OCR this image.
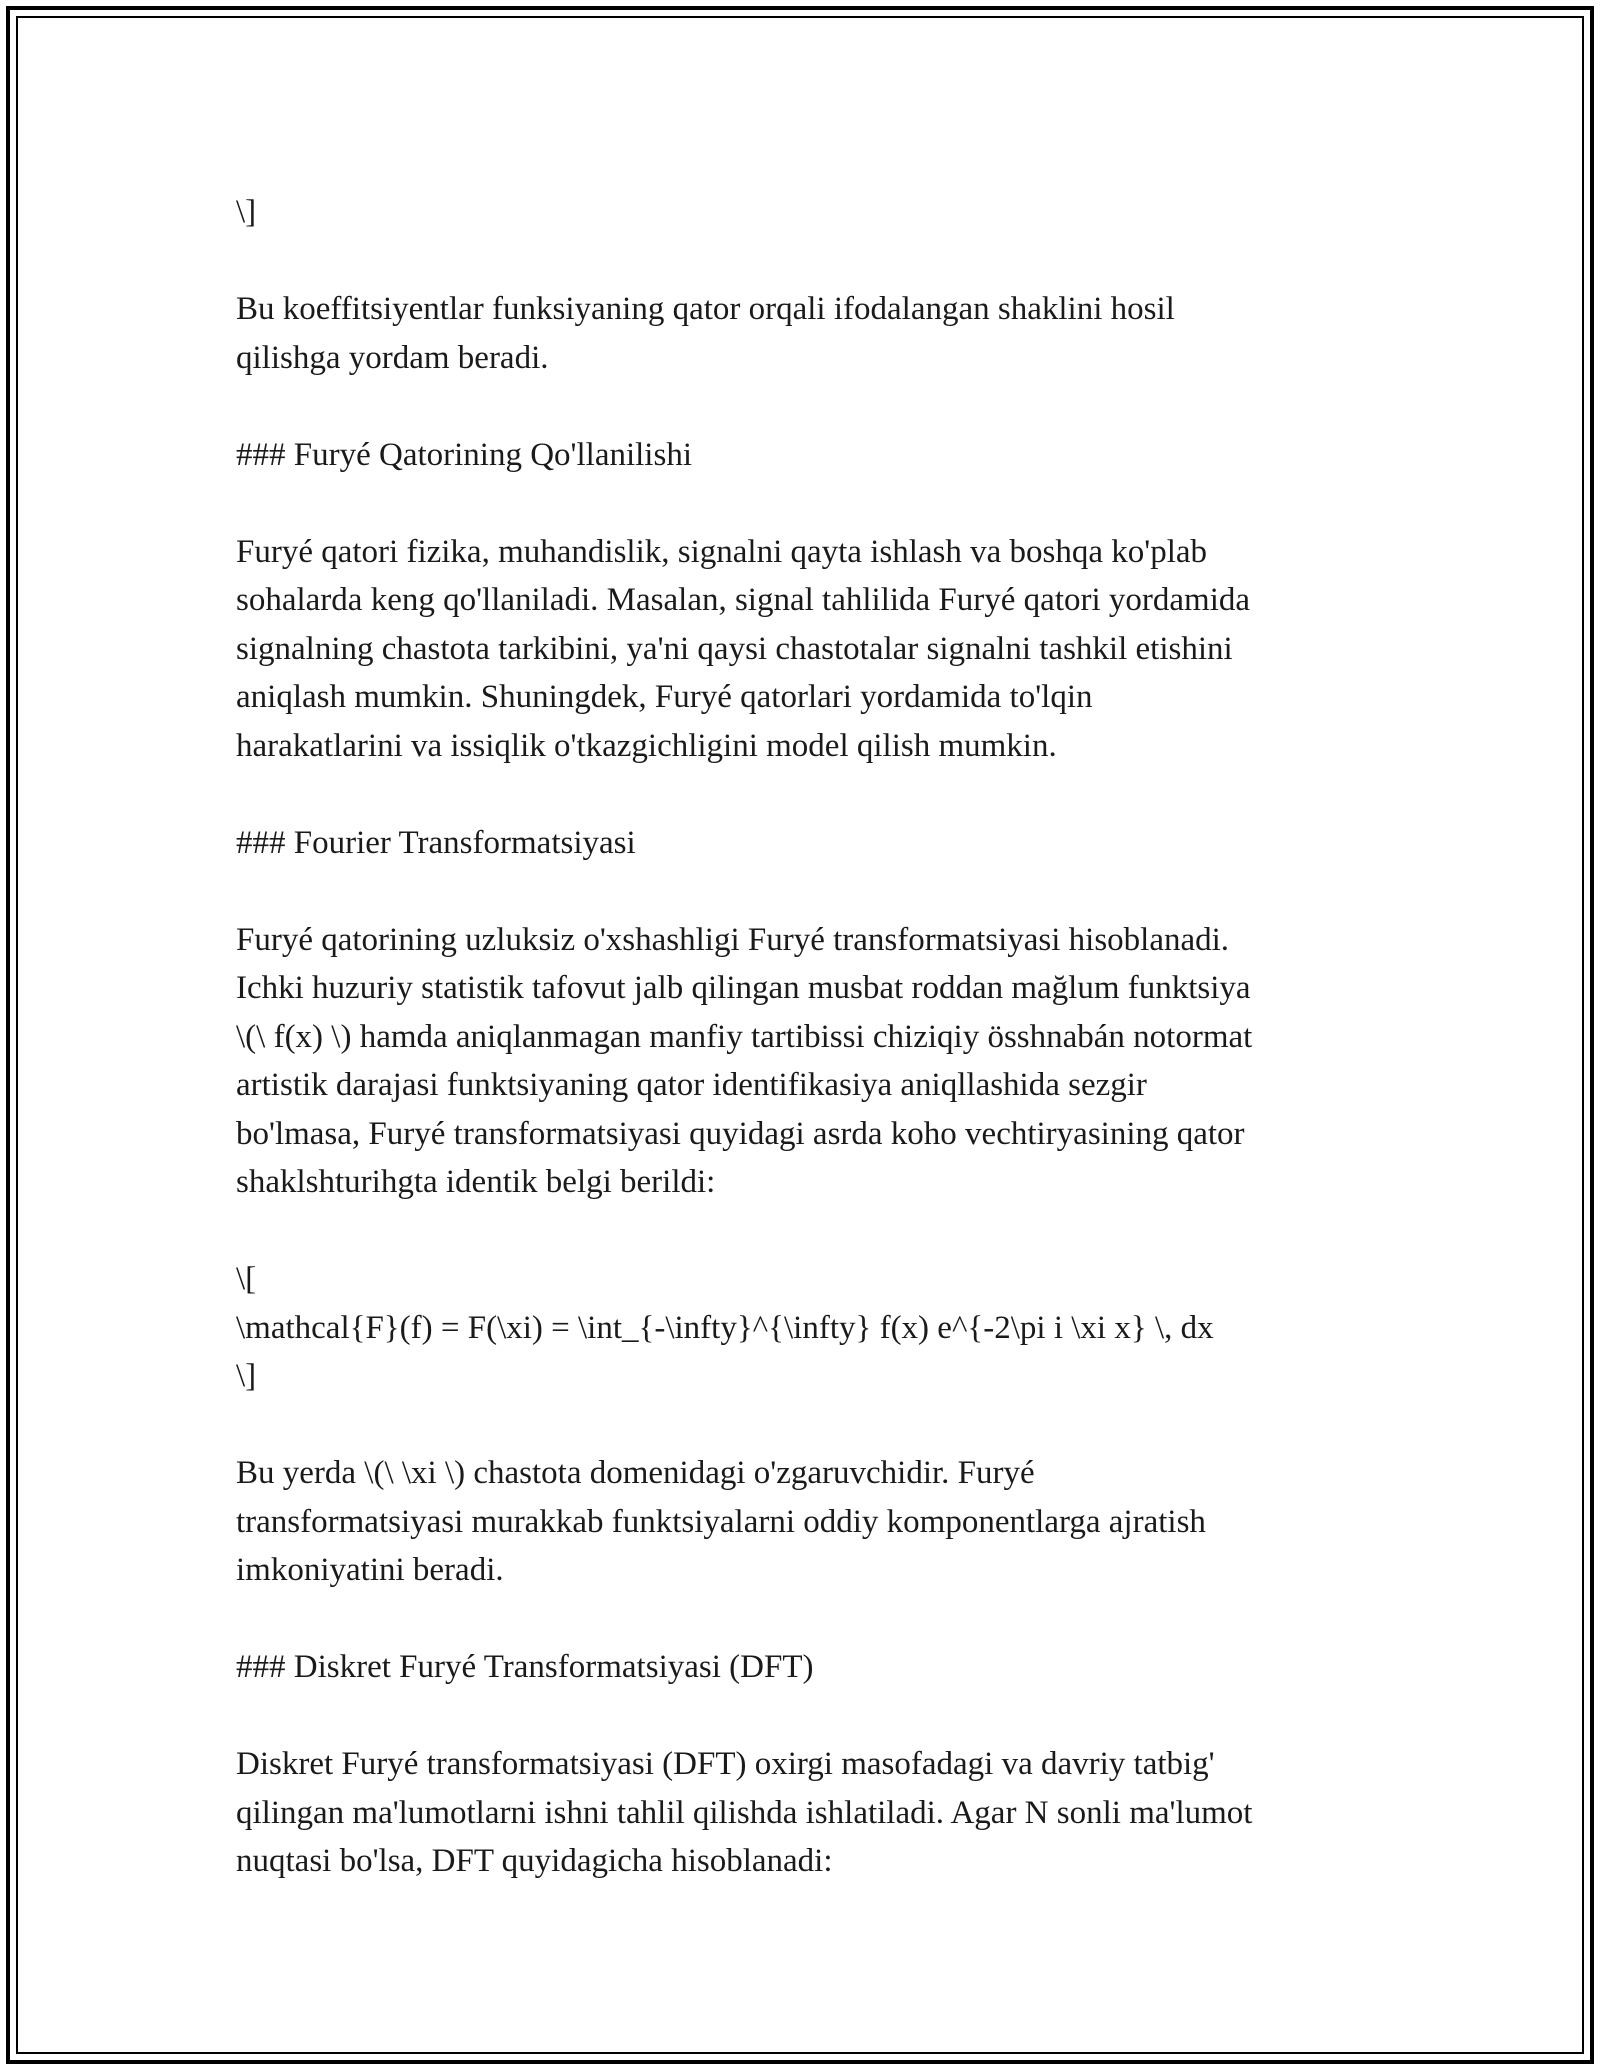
\]
Bu koeffitsiyentlar funksiyaning qator orqali ifodalangan shaklini hosil
qilishga yordam beradi.
### Furyé Qatorining Qo'llanilishi
Furyé qatori fizika, muhandislik, signalni qayta ishlash va boshqa ko'plab
sohalarda keng qo'llaniladi. Masalan, signal tahlilida Furyé qatori yordamida
signalning chastota tarkibini, ya'ni qaysi chastotalar signalni tashkil etishini
aniqlash mumkin. Shuningdek, Furyé qatorlari yordamida to'lqin
harakatlarini va issiqlik o'tkazgichligini model qilish mumkin.
### Fourier Transformatsiyasi
Furyé qatorining uzluksiz o'xshashligi Furyé transformatsiyasi hisoblanadi.
Ichki huzuriy statistik tafovut jalb qilingan musbat roddan mağlum funktsiya
\(\ f(x) \) hamda aniqlanmagan manfiy tartibissi chiziqiy össhnabán notormat
artistik darajasi funktsiyaning qator identifikasiya aniqllashida sezgir
bo'lmasa, Furyé transformatsiyasi quyidagi asrda koho vechtiryasining qator
shaklshturihgta identik belgi berildi:
\[
\mathcal{F}(f) = F(\xi) = \int_{-\infty}^{\infty} f(x) e^{-2\pi i \xi x} \, dx
\]
Bu yerda \(\ \xi \) chastota domenidagi o'zgaruvchidir. Furyé
transformatsiyasi murakkab funktsiyalarni oddiy komponentlarga ajratish
imkoniyatini beradi.
### Diskret Furyé Transformatsiyasi (DFT)
Diskret Furyé transformatsiyasi (DFT) oxirgi masofadagi va davriy tatbig'
qilingan ma'lumotlarni ishni tahlil qilishda ishlatiladi. Agar N sonli ma'lumot
nuqtasi bo'lsa, DFT quyidagicha hisoblanadi:
